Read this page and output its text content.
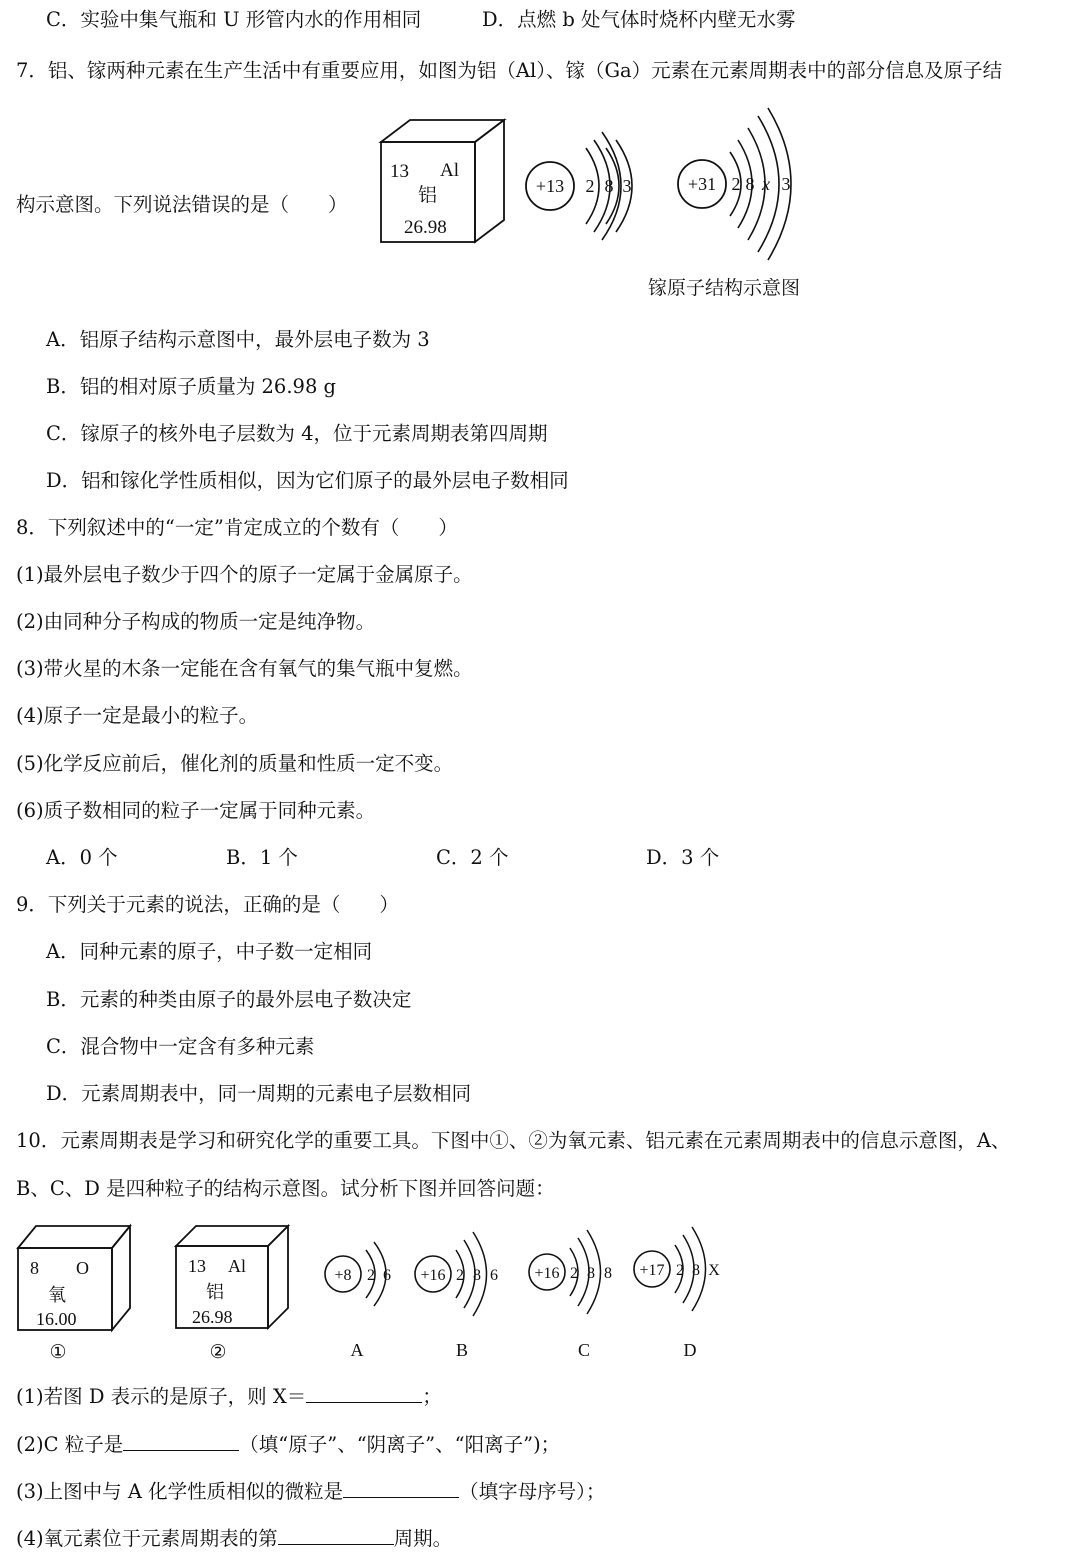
C．实验中集气瓶和 U 形管内水的作用相同	D．点燃 b 处气体时烧杯内壁无水雾
7．铝、镓两种元素在生产生活中有重要应用，如图为铝（Al）、镓（Ga）元素在元素周期表中的部分信息及原子结
13 Al
铝
26.98
+13 2 8 3	+31 2 8 x 3
镓原子结构示意图
构示意图。下列说法错误的是（　　）
A．铝原子结构示意图中，最外层电子数为 3
B．铝的相对原子质量为 26.98 g
C．镓原子的核外电子层数为 4，位于元素周期表第四周期
D．铝和镓化学性质相似，因为它们原子的最外层电子数相同
8．下列叙述中的“一定”肯定成立的个数有（　　）
(1)最外层电子数少于四个的原子一定属于金属原子。
(2)由同种分子构成的物质一定是纯净物。
(3)带火星的木条一定能在含有氧气的集气瓶中复燃。
(4)原子一定是最小的粒子。
(5)化学反应前后，催化剂的质量和性质一定不变。
(6)质子数相同的粒子一定属于同种元素。
A．0 个	B．1 个	C．2 个	D．3 个
9．下列关于元素的说法，正确的是（　　）
A．同种元素的原子，中子数一定相同
B．元素的种类由原子的最外层电子数决定
C．混合物中一定含有多种元素
D．元素周期表中，同一周期的元素电子层数相同
10．元素周期表是学习和研究化学的重要工具。下图中①、②为氧元素、铝元素在元素周期表中的信息示意图，A、
B、C、D 是四种粒子的结构示意图。试分析下图并回答问题：
8 O
氧
16.00
①
13 Al
铝
26.98
②
+8 2 6
A
+16 2 8 6
B
+16 2 8 8
C
+17 2 8 X
D
(1)若图 D 表示的是原子，则 X＝	；
(2)C 粒子是	（填“原子”、“阴离子”、“阳离子”)；
(3)上图中与 A 化学性质相似的微粒是	（填字母序号）；
(4)氧元素位于元素周期表的第	周期。
